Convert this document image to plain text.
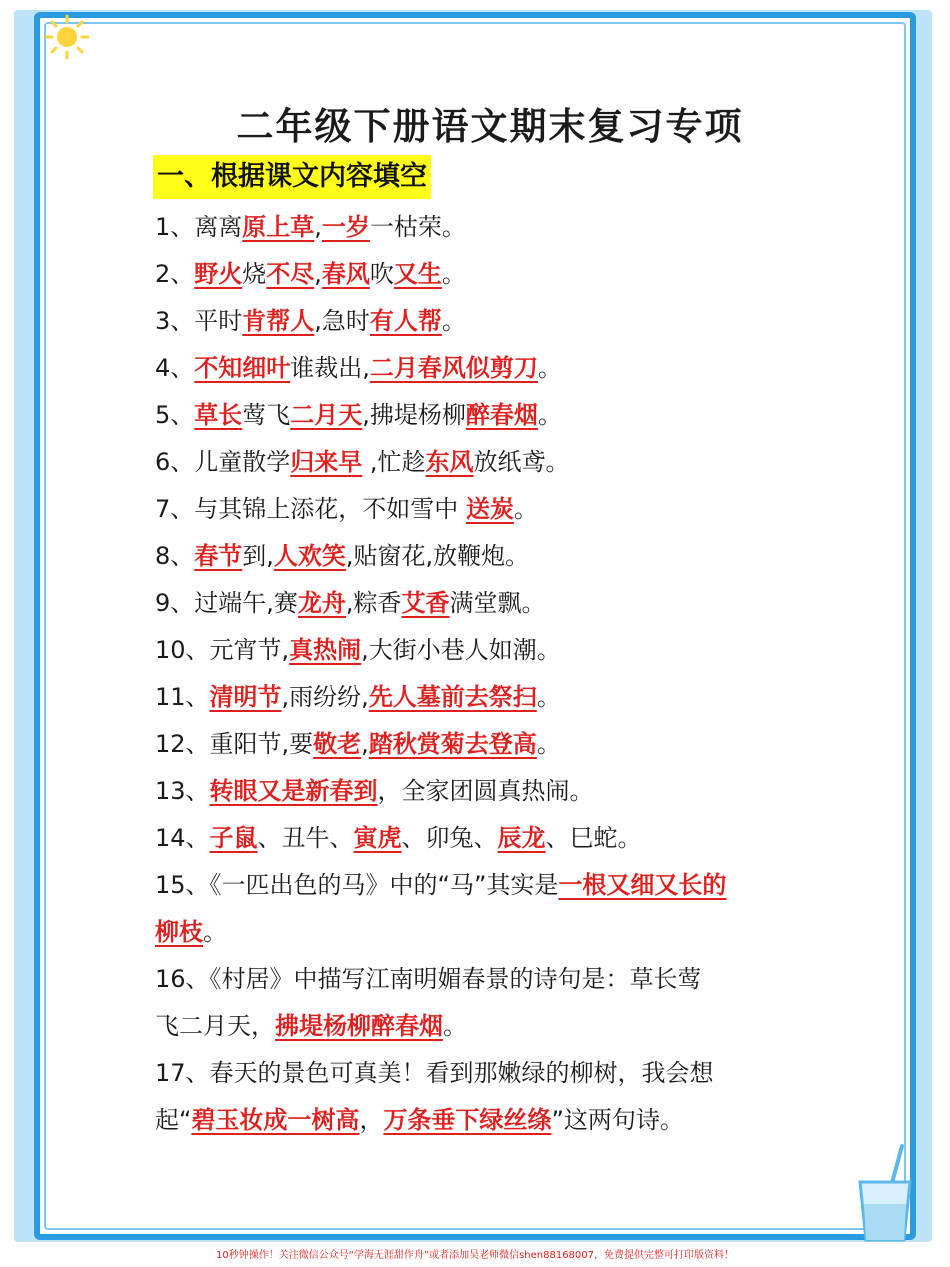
二年级下册语文期末复习专项
一、根据课文内容填空
1、离离原上草,一岁一枯荣。
2、野火烧不尽,春风吹又生。
3、平时肯帮人,急时有人帮。
4、不知细叶谁裁出,二月春风似剪刀。
5、草长莺飞二月天,拂堤杨柳醉春烟。
6、儿童散学归来早 ,忙趁东风放纸鸢。
7、与其锦上添花，不如雪中 送炭。
8、春节到,人欢笑,贴窗花,放鞭炮。
9、过端午,赛龙舟,粽香艾香满堂飘。
10、元宵节,真热闹,大街小巷人如潮。
11、清明节,雨纷纷,先人墓前去祭扫。
12、重阳节,要敬老,踏秋赏菊去登高。
13、转眼又是新春到，全家团圆真热闹。
14、子鼠、丑牛、寅虎、卯兔、辰龙、巳蛇。
15、《一匹出色的马》中的“马”其实是一根又细又长的
柳枝。
16、《村居》中描写江南明媚春景的诗句是：草长莺
飞二月天，拂堤杨柳醉春烟。
17、春天的景色可真美！看到那嫩绿的柳树，我会想
起“碧玉妆成一树高，万条垂下绿丝绦”这两句诗。
10秒钟操作！关注微信公众号“学海无涯甜作舟”或者添加吴老师微信shen88168007，免费提供完整可打印版资料！
